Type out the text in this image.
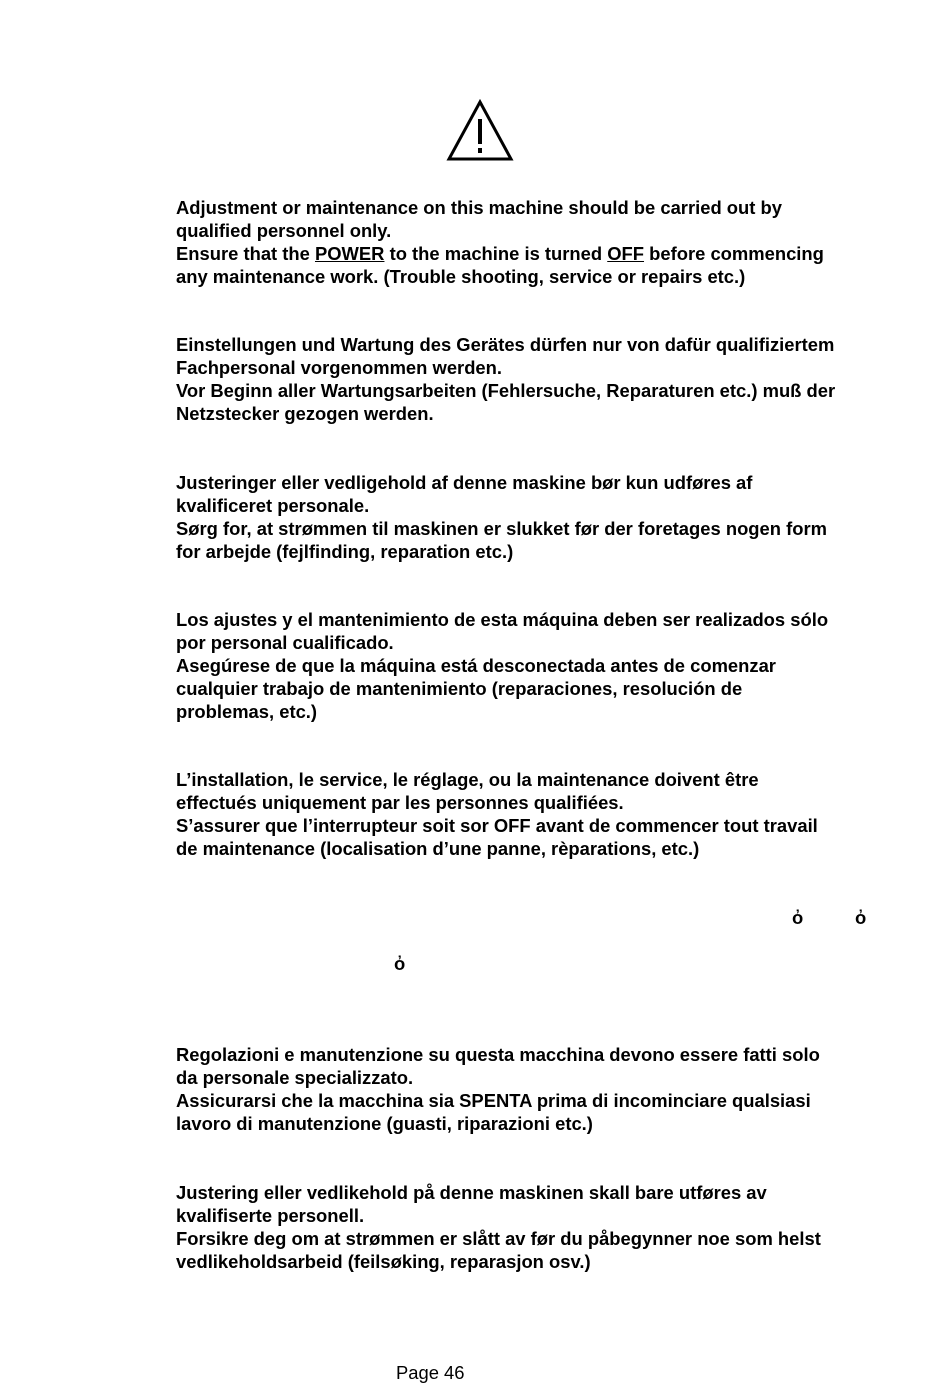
Adjustment or maintenance on this machine should be carried out by
qualified personnel only.
Ensure that the POWER to the machine is turned OFF before commencing
any maintenance work. (Trouble shooting, service or repairs etc.)
Einstellungen und Wartung des Gerätes dürfen nur von dafür qualifiziertem
Fachpersonal vorgenommen werden.
Vor Beginn aller Wartungsarbeiten (Fehlersuche, Reparaturen etc.) muß der
Netzstecker gezogen werden.
Justeringer eller vedligehold af denne maskine bør kun udføres af
kvalificeret personale.
Sørg for, at strømmen til maskinen er slukket før der foretages nogen form
for arbejde (fejlfinding, reparation etc.)
Los ajustes y el mantenimiento de esta máquina deben ser realizados sólo
por personal cualificado.
Asegúrese de que la máquina está desconectada antes de comenzar
cualquier trabajo de mantenimiento (reparaciones, resolución de
problemas, etc.)
L’installation, le service, le réglage, ou la maintenance doivent être
effectués uniquement par les personnes qualifiées.
S’assurer que l’interrupteur soit sor OFF avant de commencer tout travail
de maintenance (localisation d’une panne, rèparations, etc.)
ὀ	ὀ
ὀ
Regolazioni e manutenzione su questa macchina devono essere fatti solo
da personale specializzato.
Assicurarsi che la macchina sia SPENTA prima di incominciare qualsiasi
lavoro di manutenzione (guasti, riparazioni etc.)
Justering eller vedlikehold på denne maskinen skall bare utføres av
kvalifiserte personell.
Forsikre deg om at strømmen er slått av før du påbegynner noe som helst
vedlikeholdsarbeid (feilsøking, reparasjon osv.)
Page 46
